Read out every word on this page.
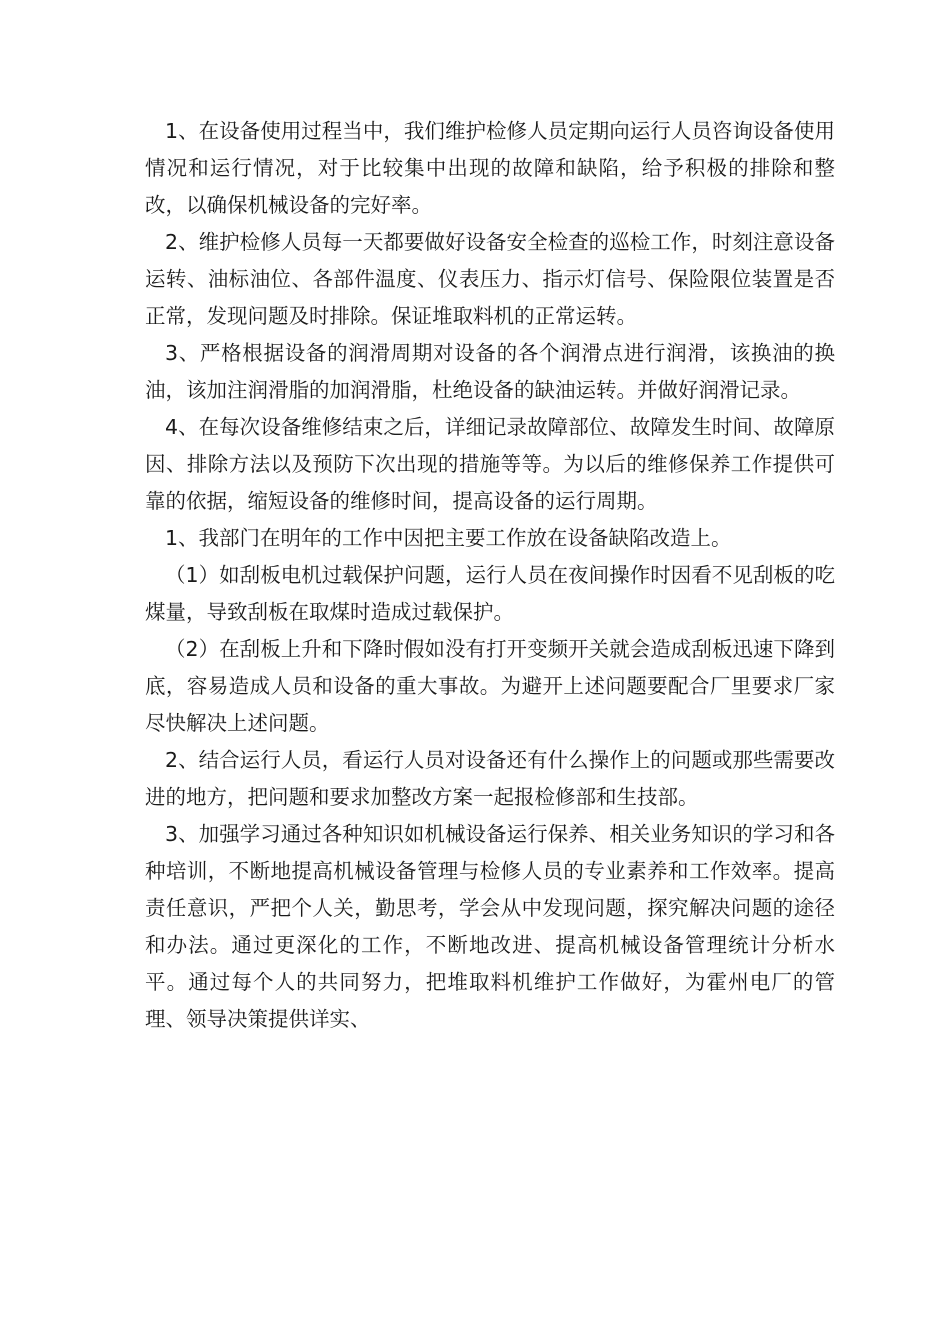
1、在设备使用过程当中，我们维护检修人员定期向运行人员咨询设备使用情况和运行情况，对于比较集中出现的故障和缺陷，给予积极的排除和整改，以确保机械设备的完好率。

2、维护检修人员每一天都要做好设备安全检查的巡检工作，时刻注意设备运转、油标油位、各部件温度、仪表压力、指示灯信号、保险限位装置是否正常，发现问题及时排除。保证堆取料机的正常运转。

3、严格根据设备的润滑周期对设备的各个润滑点进行润滑，该换油的换油，该加注润滑脂的加润滑脂，杜绝设备的缺油运转。并做好润滑记录。

4、在每次设备维修结束之后，详细记录故障部位、故障发生时间、故障原因、排除方法以及预防下次出现的措施等等。为以后的维修保养工作提供可靠的依据，缩短设备的维修时间，提高设备的运行周期。

1、我部门在明年的工作中因把主要工作放在设备缺陷改造上。

（1）如刮板电机过载保护问题，运行人员在夜间操作时因看不见刮板的吃煤量，导致刮板在取煤时造成过载保护。

（2）在刮板上升和下降时假如没有打开变频开关就会造成刮板迅速下降到底，容易造成人员和设备的重大事故。为避开上述问题要配合厂里要求厂家尽快解决上述问题。

2、结合运行人员，看运行人员对设备还有什么操作上的问题或那些需要改进的地方，把问题和要求加整改方案一起报检修部和生技部。

3、加强学习通过各种知识如机械设备运行保养、相关业务知识的学习和各种培训，不断地提高机械设备管理与检修人员的专业素养和工作效率。提高责任意识，严把个人关，勤思考，学会从中发现问题，探究解决问题的途径和办法。通过更深化的工作，不断地改进、提高机械设备管理统计分析水平。通过每个人的共同努力，把堆取料机维护工作做好，为霍州电厂的管理、领导决策提供详实、
